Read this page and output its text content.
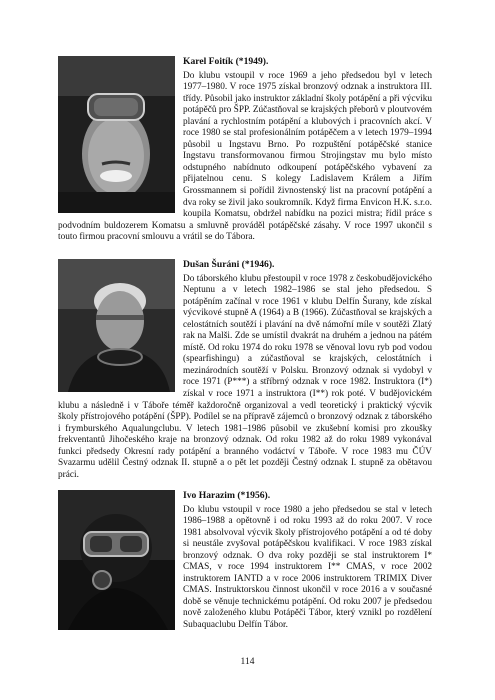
Karel Foitík (*1949).

Do klubu vstoupil v roce 1969 a jeho předsedou byl v letech 1977–1980. V roce 1975 získal bronzový odznak a instruktora III. třídy. Působil jako instruktor základní školy potápění a při výcviku potápěčů pro ŠPP. Zúčastňoval se krajských přeborů v ploutvovém plavání a rychlostním potápění a klubových i pracovních akcí. V roce 1980 se stal profesionálním potápěčem a v letech 1979–1994 působil u Ingstavu Brno. Po rozpuštění potápěčské stanice Ingstavu transformovanou firmou Strojingstav mu bylo místo odstupného nabídnuto odkoupení potápěčského vybavení za přijatelnou cenu. S kolegy Ladislavem Králem a Jiřím Grossmannem si pořídil živnostenský list na pracovní potápění a dva roky se živil jako soukromník. Když firma Envicon H.K. s.r.o. koupila Komatsu, obdržel nabídku na pozici mistra; řídil práce s podvodním buldozerem Komatsu a smluvně prováděl potápěčské zásahy. V roce 1997 ukončil s touto firmou pracovní smlouvu a vrátil se do Tábora.

Dušan Šuráni (*1946).

Do táborského klubu přestoupil v roce 1978 z českobudějovického Neptunu a v letech 1982–1986 se stal jeho předsedou. S potápěním začínal v roce 1961 v klubu Delfín Šurany, kde získal výcvikové stupně A (1964) a B (1966). Zúčastňoval se krajských a celostátních soutěží i plavání na dvě námořní míle v soutěži Zlatý rak na Malši. Zde se umístil dvakrát na druhém a jednou na pátém místě. Od roku 1974 do roku 1978 se věnoval lovu ryb pod vodou (spearfishingu) a zúčastňoval se krajských, celostátních i mezinárodních soutěží v Polsku. Bronzový odznak si vydobyl v roce 1971 (P***) a stříbrný odznak v roce 1982. Instruktora (I*) získal v roce 1971 a instruktora (I**) rok poté. V budějovickém klubu a následně i v Táboře téměř každoročně organizoval a vedl teoretický i praktický výcvik školy přístrojového potápění (ŠPP). Podílel se na přípravě zájemců o bronzový odznak z táborského i frymburského Aqualungclubu. V letech 1981–1986 působil ve zkušební komisi pro zkoušky frekventantů Jihočeského kraje na bronzový odznak. Od roku 1982 až do roku 1989 vykonával funkci předsedy Okresní rady potápění a branného vodáctví v Táboře. V roce 1983 mu ČÚV Svazarmu udělil Čestný odznak II. stupně a o pět let později Čestný odznak I. stupně za obětavou práci.

Ivo Harazim (*1956).

Do klubu vstoupil v roce 1980 a jeho předsedou se stal v letech 1986–1988 a opětovně i od roku 1993 až do roku 2007. V roce 1981 absolvoval výcvik školy přístrojového potápění a od té doby si neustále zvyšoval potápěčskou kvalifikaci. V roce 1983 získal bronzový odznak. O dva roky později se stal instruktorem I* CMAS, v roce 1994 instruktorem I** CMAS, v roce 2002 instruktorem IANTD a v roce 2006 instruktorem TRIMIX Diver CMAS. Instruktorskou činnost ukončil v roce 2016 a v současné době se věnuje technickému potápění. Od roku 2007 je předsedou nově založeného klubu Potápěči Tábor, který vznikl po rozdělení Subaquaclubu Delfín Tábor.

114
